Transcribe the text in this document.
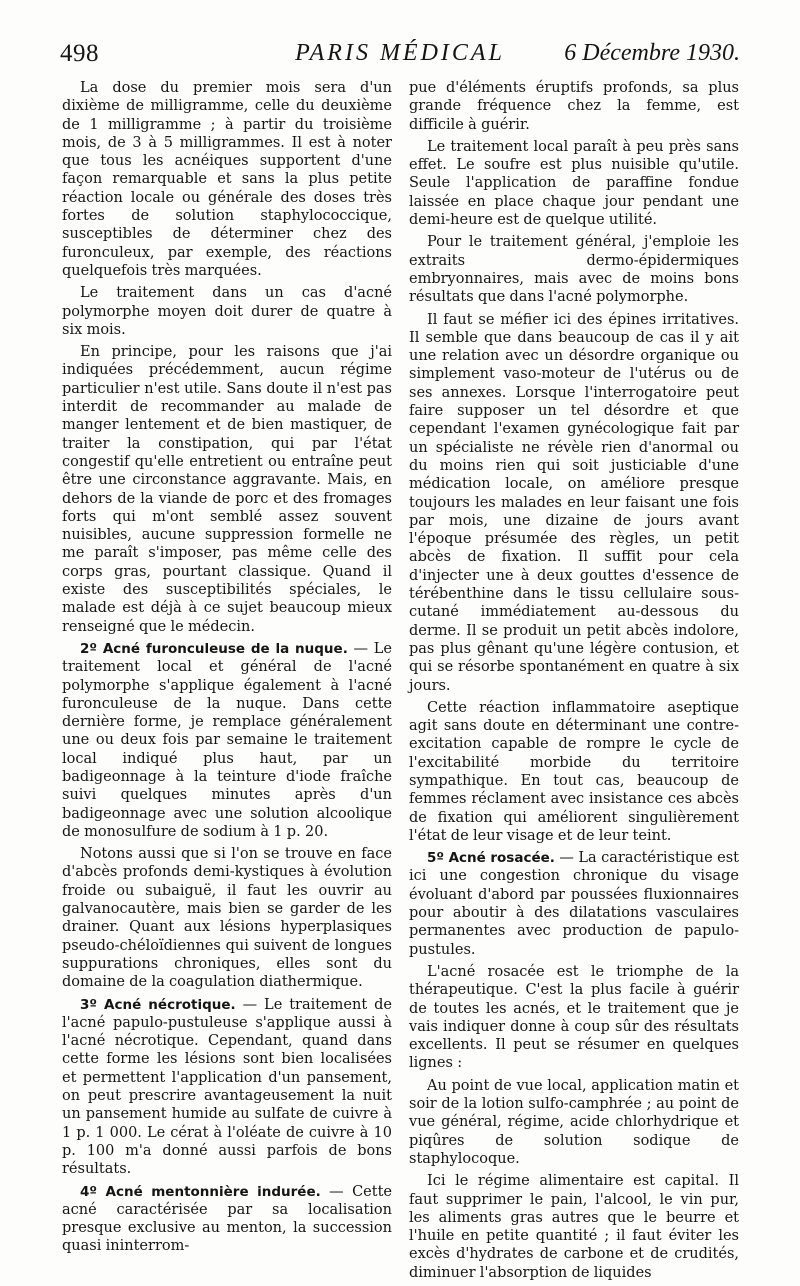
498	PARIS MÉDICAL	6 Décembre 1930.

La dose du premier mois sera d'un dixième de milligramme, celle du deuxième de 1 milligramme ; à partir du troisième mois, de 3 à 5 milligrammes. Il est à noter que tous les acnéiques supportent d'une façon remarquable et sans la plus petite réaction locale ou générale des doses très fortes de solution staphylococcique, susceptibles de déterminer chez des furonculeux, par exemple, des réactions quelquefois très marquées.

Le traitement dans un cas d'acné polymorphe moyen doit durer de quatre à six mois.

En principe, pour les raisons que j'ai indiquées précédemment, aucun régime particulier n'est utile. Sans doute il n'est pas interdit de recommander au malade de manger lentement et de bien mastiquer, de traiter la constipation, qui par l'état congestif qu'elle entretient ou entraîne peut être une circonstance aggravante. Mais, en dehors de la viande de porc et des fromages forts qui m'ont semblé assez souvent nuisibles, aucune suppression formelle ne me paraît s'imposer, pas même celle des corps gras, pourtant classique. Quand il existe des susceptibilités spéciales, le malade est déjà à ce sujet beaucoup mieux renseigné que le médecin.

2º Acné furonculeuse de la nuque. — Le traitement local et général de l'acné polymorphe s'applique également à l'acné furonculeuse de la nuque. Dans cette dernière forme, je remplace généralement une ou deux fois par semaine le traitement local indiqué plus haut, par un badigeonnage à la teinture d'iode fraîche suivi quelques minutes après d'un badigeonnage avec une solution alcoolique de monosulfure de sodium à 1 p. 20.

Notons aussi que si l'on se trouve en face d'abcès profonds demi-kystiques à évolution froide ou subaiguë, il faut les ouvrir au galvanocautère, mais bien se garder de les drainer. Quant aux lésions hyperplasiques pseudo-chéloïdiennes qui suivent de longues suppurations chroniques, elles sont du domaine de la coagulation diathermique.

3º Acné nécrotique. — Le traitement de l'acné papulo-pustuleuse s'applique aussi à l'acné nécrotique. Cependant, quand dans cette forme les lésions sont bien localisées et permettent l'application d'un pansement, on peut prescrire avantageusement la nuit un pansement humide au sulfate de cuivre à 1 p. 1 000. Le cérat à l'oléate de cuivre à 10 p. 100 m'a donné aussi parfois de bons résultats.

4º Acné mentonnière indurée. — Cette acné caractérisée par sa localisation presque exclusive au menton, la succession quasi ininterrom-

pue d'éléments éruptifs profonds, sa plus grande fréquence chez la femme, est difficile à guérir.

Le traitement local paraît à peu près sans effet. Le soufre est plus nuisible qu'utile. Seule l'application de paraffine fondue laissée en place chaque jour pendant une demi-heure est de quelque utilité.

Pour le traitement général, j'emploie les extraits dermo-épidermiques embryonnaires, mais avec de moins bons résultats que dans l'acné polymorphe.

Il faut se méfier ici des épines irritatives. Il semble que dans beaucoup de cas il y ait une relation avec un désordre organique ou simplement vaso-moteur de l'utérus ou de ses annexes. Lorsque l'interrogatoire peut faire supposer un tel désordre et que cependant l'examen gynécologique fait par un spécialiste ne révèle rien d'anormal ou du moins rien qui soit justiciable d'une médication locale, on améliore presque toujours les malades en leur faisant une fois par mois, une dizaine de jours avant l'époque présumée des règles, un petit abcès de fixation. Il suffit pour cela d'injecter une à deux gouttes d'essence de térébenthine dans le tissu cellulaire sous-cutané immédiatement au-dessous du derme. Il se produit un petit abcès indolore, pas plus gênant qu'une légère contusion, et qui se résorbe spontanément en quatre à six jours.

Cette réaction inflammatoire aseptique agit sans doute en déterminant une contre-excitation capable de rompre le cycle de l'excitabilité morbide du territoire sympathique. En tout cas, beaucoup de femmes réclament avec insistance ces abcès de fixation qui améliorent singulièrement l'état de leur visage et de leur teint.

5º Acné rosacée. — La caractéristique est ici une congestion chronique du visage évoluant d'abord par poussées fluxionnaires pour aboutir à des dilatations vasculaires permanentes avec production de papulo-pustules.

L'acné rosacée est le triomphe de la thérapeutique. C'est la plus facile à guérir de toutes les acnés, et le traitement que je vais indiquer donne à coup sûr des résultats excellents. Il peut se résumer en quelques lignes :

Au point de vue local, application matin et soir de la lotion sulfo-camphrée ; au point de vue général, régime, acide chlorhydrique et piqûres de solution sodique de staphylocoque.

Ici le régime alimentaire est capital. Il faut supprimer le pain, l'alcool, le vin pur, les aliments gras autres que le beurre et l'huile en petite quantité ; il faut éviter les excès d'hydrates de carbone et de crudités, diminuer l'absorption de liquides
